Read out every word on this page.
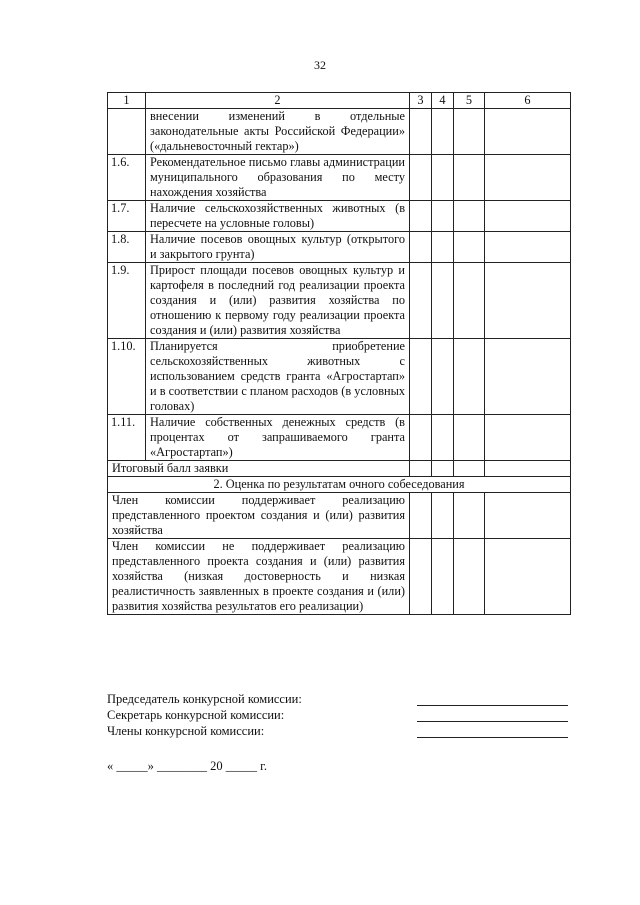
32
1	2	3	4	5	6
	внесении изменений в отдельные законодательные акты Российской Федерации» («дальневосточный гектар»)				
1.6.	Рекомендательное письмо главы администрации муниципального образования по месту нахождения хозяйства				
1.7.	Наличие сельскохозяйственных животных (в пересчете на условные головы)				
1.8.	Наличие посевов овощных культур (открытого и закрытого грунта)				
1.9.	Прирост площади посевов овощных культур и картофеля в последний год реализации проекта создания и (или) развития хозяйства по отношению к первому году реализации проекта создания и (или) развития хозяйства				
1.10.	Планируется приобретение сельскохозяйственных животных с использованием средств гранта «Агростартап» и в соответствии с планом расходов (в условных головах)				
1.11.	Наличие собственных денежных средств (в процентах от запрашиваемого гранта «Агростартап»)				
Итоговый балл заявки					
2. Оценка по результатам очного собеседования					
Член комиссии поддерживает реализацию представленного проектом создания и (или) развития хозяйства					
Член комиссии не поддерживает реализацию представленного проекта создания и (или) развития хозяйства (низкая достоверность и низкая реалистичность заявленных в проекте создания и (или) развития хозяйства результатов его реализации)					
Председатель конкурсной комиссии:
Секретарь конкурсной комиссии:
Члены конкурсной комиссии:
« _____» ________ 20 _____ г.
